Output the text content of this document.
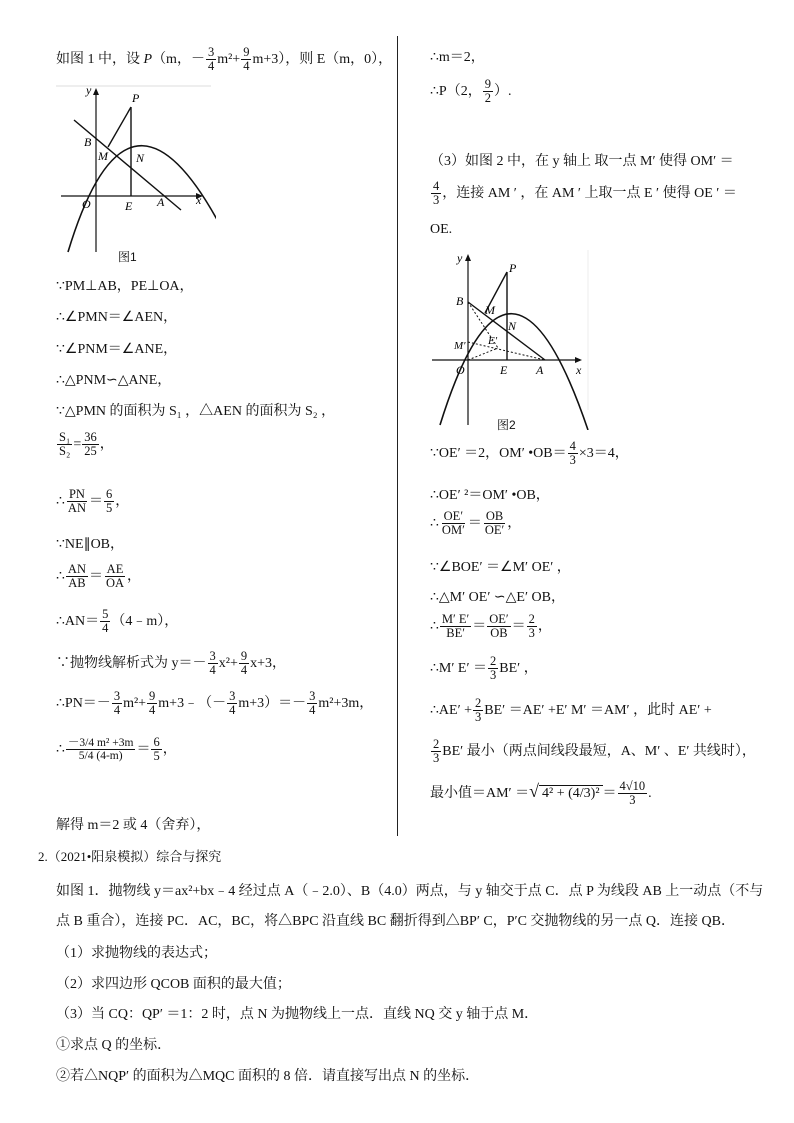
如图 1 中，设 P（m，－ $\frac{3}{4} m^2+ \frac{9}{4} m+3$），则 E（m，0），
y
P
B
M N
O	E A	x
图1
∵PM⊥AB，PE⊥OA，
∴∠PMN＝∠AEN，
∵∠PNM＝∠ANE，
∴△PNM∽△ANE，
∵△PMN 的面积为 S₁ ，△AEN 的面积为 S₂ ，
$\frac{\text{S₁}}{\text{S₂}} = \frac{36}{25}$ ，
∴ $\frac{PN}{AN} = \frac{6}{5}$ ，
∵NE∥OB，
∴ $\frac{AN}{AB} = \frac{AE}{OA}$ ，
∴AN＝ $\frac{5}{4}$ （4﹣m），
∵抛物线解析式为 $y=- \frac{3}{4} x^2+ \frac{9}{4} x+3$，
∴PN＝－ $\frac{3}{4} m^2+ \frac{9}{4}$ m+3﹣（－ $\frac{3}{4} m+3)=- \frac{3}{4} m^2+3m$，
∴ $\frac{\text{－3/4 m² +3m}}{5/4 (4-m)} = \frac{6}{5}$ ，
解得 m＝2 或 4（舍弃），
∴m＝2，
∴P（2， $\frac{9}{2}$ ）.
（3）如图 2 中，在 y 轴上 取一点 M′ 使得 OM′ ＝
$\frac{4}{3}$ ，连接 AM ′ ，在 AM ′ 上取一点 E ′ 使得 OE ′ ＝
OE.
y
P
B
M
N
E′
M′
O	E A	x
图2
∵OE′ ＝2，OM′ •OB＝ $\frac{4}{3} \times 3=4$，
∴OE′ ²＝OM′ •OB，
∴ $\frac{OE'}{OM'} = \frac{OB}{OE'}$ ，
∵∠BOE′ ＝∠M′ OE′ ，
∴△M′ OE′ ∽△E′ OB，
∴ $\frac{M' E'}{BE'} = \frac{OE'}{OB} = \frac{2}{3}$ ，
∴M′ $E' = \frac{2}{3} BE'$ ，
∴AE′ + $\frac{2}{3} BE' =AE' +E'$ M′ ＝AM′ ，此时 AE′ +
$\frac{2}{3} BE'$ 最小（两点间线段最短，A、M′ 、E′ 共线时），
最小值＝AM′ ＝√ $4^2 + (4/3)^2 = \frac{4√10}{3}$ .
2.（2021•阳泉模拟）综合与探究
如图 1．抛物线 y＝ax²+bx﹣4 经过点 A（﹣2.0）、B（4.0）两点，与 y 轴交于点 C．点 P 为线段 AB 上一动点（不与
点 B 重合），连接 PC．AC，BC，将△BPC 沿直线 BC 翻折得到△BP′ C，P′C 交抛物线的另一点 Q．连接 QB．
（1）求抛物线的表达式；
（2）求四边形 QCOB 面积的最大值；
（3）当 CQ：QP′ ＝1：2 时，点 N 为抛物线上一点．直线 NQ 交 y 轴于点 M．
①求点 Q 的坐标．
②若△NQP′ 的面积为△MQC 面积的 8 倍．请直接写出点 N 的坐标．
